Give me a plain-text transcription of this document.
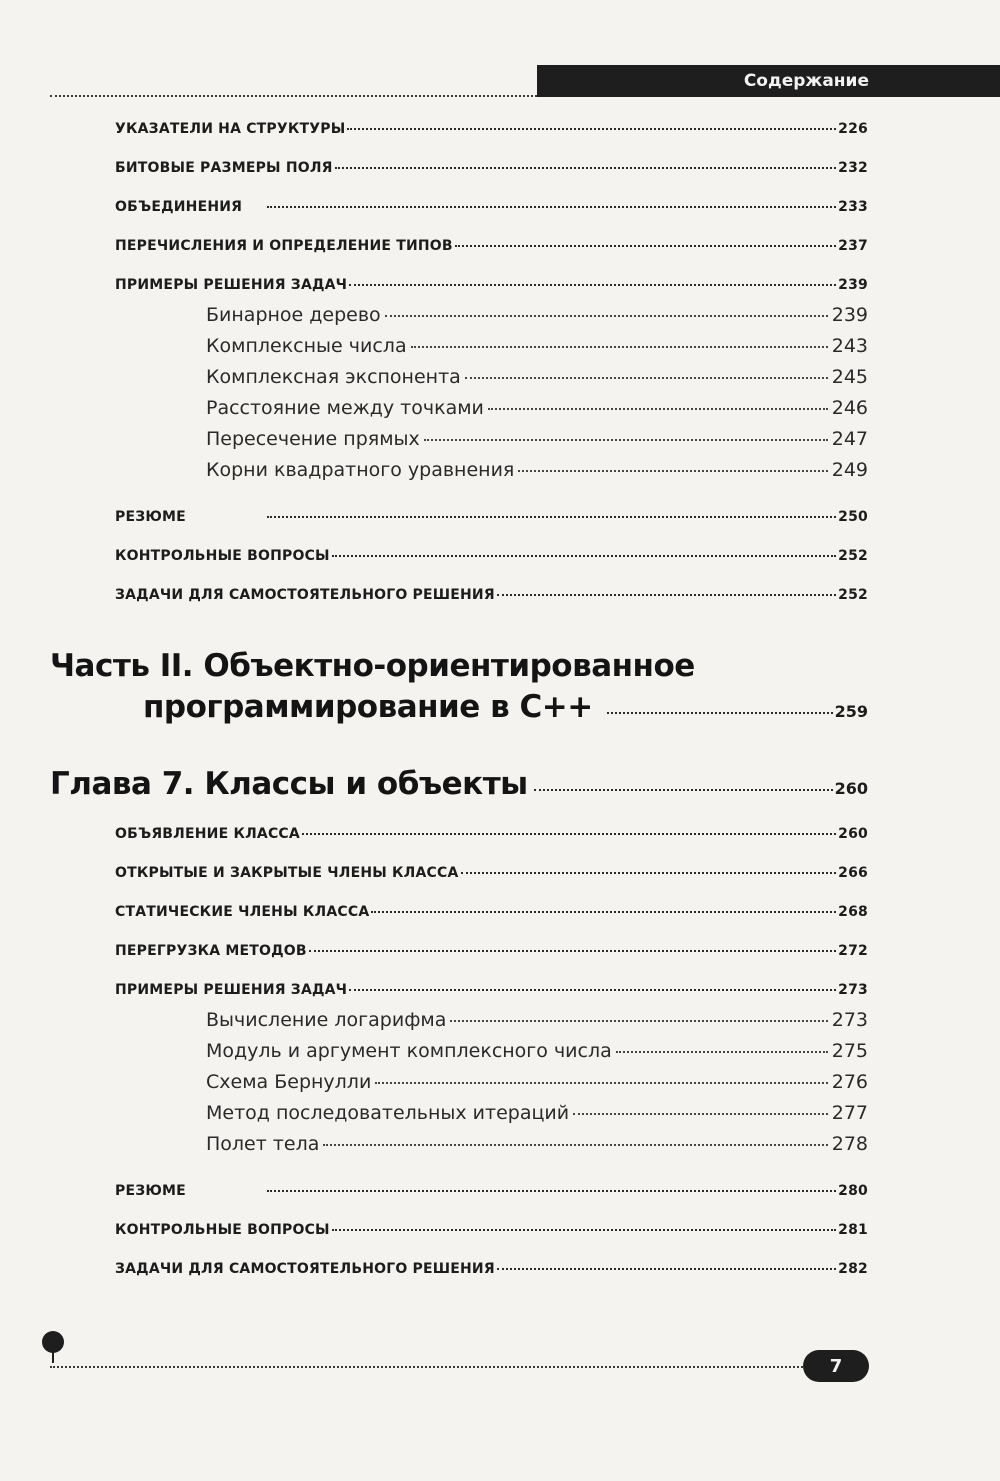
Содержание
УКАЗАТЕЛИ НА СТРУКТУРЫ	226
БИТОВЫЕ РАЗМЕРЫ ПОЛЯ	232
ОБЪЕДИНЕНИЯ	233
ПЕРЕЧИСЛЕНИЯ И ОПРЕДЕЛЕНИЕ ТИПОВ	237
ПРИМЕРЫ РЕШЕНИЯ ЗАДАЧ	239
Бинарное дерево	239
Комплексные числа	243
Комплексная экспонента	245
Расстояние между точками	246
Пересечение прямых	247
Корни квадратного уравнения	249
РЕЗЮМЕ	250
КОНТРОЛЬНЫЕ ВОПРОСЫ	252
ЗАДАЧИ ДЛЯ САМОСТОЯТЕЛЬНОГО РЕШЕНИЯ	252
Часть II. Объектно-ориентированное
программирование в C++	259
Глава 7. Классы и объекты	260
ОБЪЯВЛЕНИЕ КЛАССА	260
ОТКРЫТЫЕ И ЗАКРЫТЫЕ ЧЛЕНЫ КЛАССА	266
СТАТИЧЕСКИЕ ЧЛЕНЫ КЛАССА	268
ПЕРЕГРУЗКА МЕТОДОВ	272
ПРИМЕРЫ РЕШЕНИЯ ЗАДАЧ	273
Вычисление логарифма	273
Модуль и аргумент комплексного числа	275
Схема Бернулли	276
Метод последовательных итераций	277
Полет тела	278
РЕЗЮМЕ	280
КОНТРОЛЬНЫЕ ВОПРОСЫ	281
ЗАДАЧИ ДЛЯ САМОСТОЯТЕЛЬНОГО РЕШЕНИЯ	282
7
